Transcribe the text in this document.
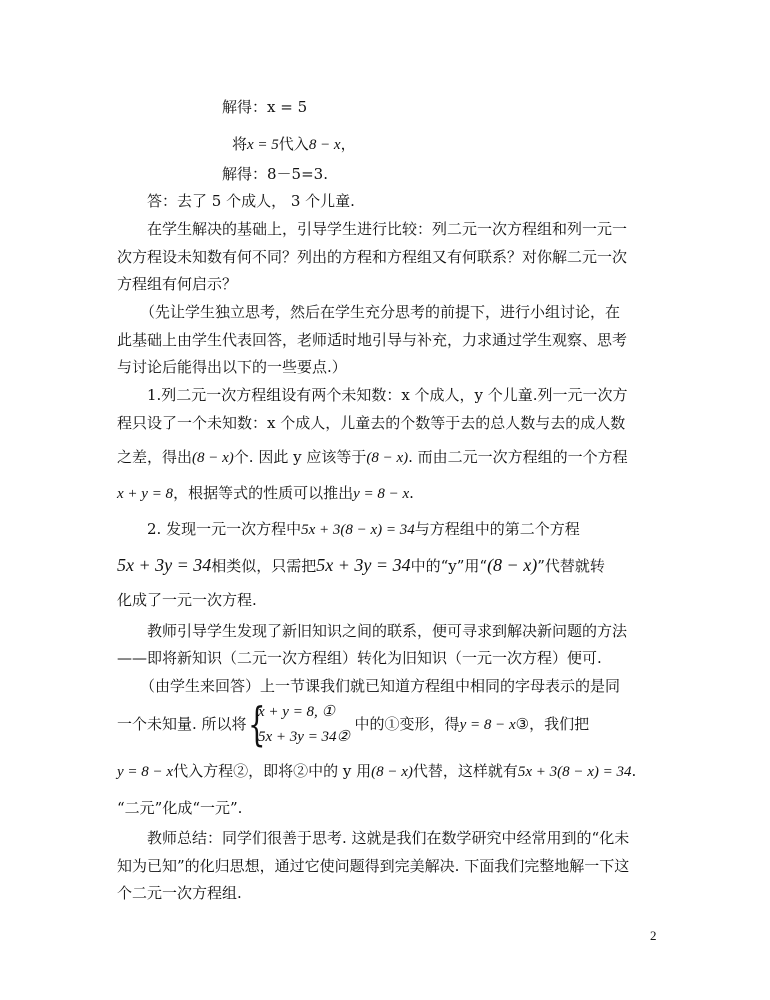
解得：x = 5
将x = 5代入8 − x，
解得：8－5=3.
答：去了 5 个成人， 3 个儿童.
在学生解决的基础上，引导学生进行比较：列二元一次方程组和列一元一
次方程设未知数有何不同？列出的方程和方程组又有何联系？对你解二元一次
方程组有何启示？
（先让学生独立思考，然后在学生充分思考的前提下，进行小组讨论，在
此基础上由学生代表回答，老师适时地引导与补充，力求通过学生观察、思考
与讨论后能得出以下的一些要点.）
1.列二元一次方程组设有两个未知数：x 个成人，y 个儿童.列一元一次方
程只设了一个未知数：x 个成人，儿童去的个数等于去的总人数与去的成人数
之差，得出(8 − x)个. 因此 y 应该等于(8 − x). 而由二元一次方程组的一个方程
x + y = 8，根据等式的性质可以推出y = 8 − x.
2. 发现一元一次方程中5x + 3(8 − x) = 34与方程组中的第二个方程
5x + 3y = 34相类似，只需把5x + 3y = 34中的“y”用“(8 − x)”代替就转
化成了一元一次方程.
教师引导学生发现了新旧知识之间的联系，便可寻求到解决新问题的方法
——即将新知识（二元一次方程组）转化为旧知识（一元一次方程）便可.
（由学生来回答）上一节课我们就已知道方程组中相同的字母表示的是同
一个未知量. 所以将	中的①变形，得y = 8 − x③，我们把
{
x + y = 8, ①
5x + 3y = 34②
y = 8 − x代入方程②，即将②中的 y 用(8 − x)代替，这样就有5x + 3(8 − x) = 34.
“二元”化成“一元”.
教师总结：同学们很善于思考. 这就是我们在数学研究中经常用到的“化未
知为已知”的化归思想，通过它使问题得到完美解决. 下面我们完整地解一下这
个二元一次方程组.
2
